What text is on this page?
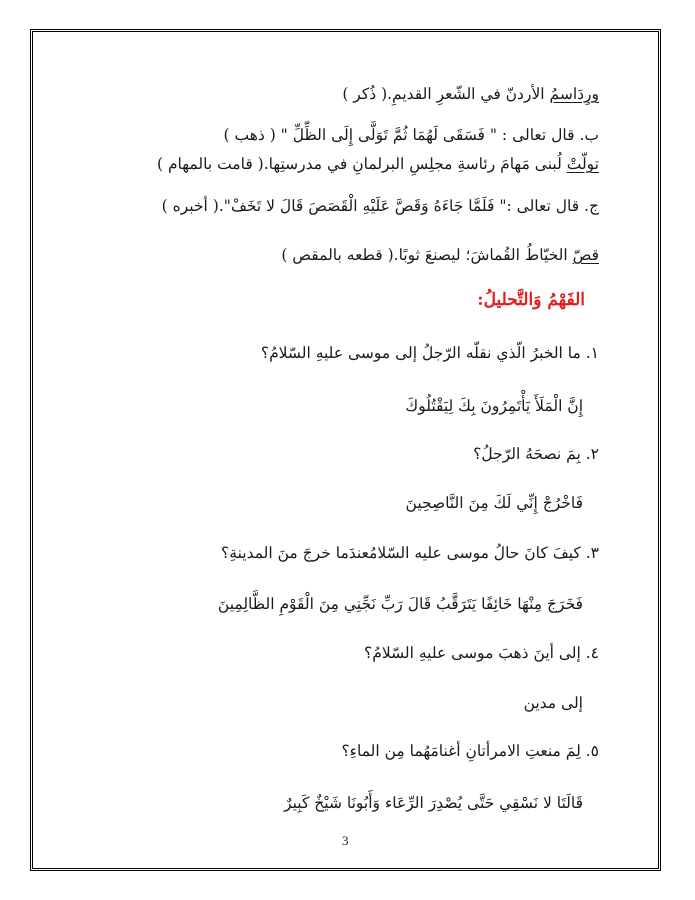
ورِدَاسمُ الأردنّ في الشّعرِ القديمِ.( ذُكر )
ب. قال تعالى : " فَسَقَى لَهُمَا ثُمَّ تَوَلَّى إِلَى الظِّلِّ " ( ذهب )
تولّتْ لُبنى مَهامَ رئاسةِ مجلِسِ البرلمانِ في مدرستِها.( قامت بالمهام )
ج. قال تعالى :" فَلَمَّا جَاءَهُ وَقَصَّ عَلَيْهِ الْقَصَصَ قَالَ لا تَخَفْ".( أخبره )
قصّ الخيّاطُ القُماشَ؛ ليصنعَ ثوبًا.( قطعه بالمقص )
الفَهْمُ وَالتَّحليلُ:
١. ما الخبرُ الّذي نقلّه الرّجلُ إلى موسى عليهِ السّلامُ؟
إِنَّ الْمَلَأَ يَأْتَمِرُونَ بِكَ لِيَقْتُلُوكَ
٢. بِمَ نصحَهُ الرّجلُ؟
فَاخْرُجْ إِنِّي لَكَ مِنَ النَّاصِحِينَ
٣. كيفَ كانَ حالُ موسى عليه السّلامُعندَما خرجَ منَ المدينةِ؟
فَخَرَجَ مِنْهَا خَائِفًا يَتَرَقَّبُ قَالَ رَبِّ نَجِّنِي مِنَ الْقَوْمِ الظَّالِمِينَ
٤. إلى أينَ ذهبَ موسى عليهِ السّلامُ؟
إلى مدين
٥. لِمَ منعتِ الامرأتانِ أغنامَهُما مِن الماءِ؟
قَالَتَا لا نَسْقِي حَتَّى يُصْدِرَ الرِّعَاء وَأَبُونَا شَيْخٌ كَبِيرٌ
3
